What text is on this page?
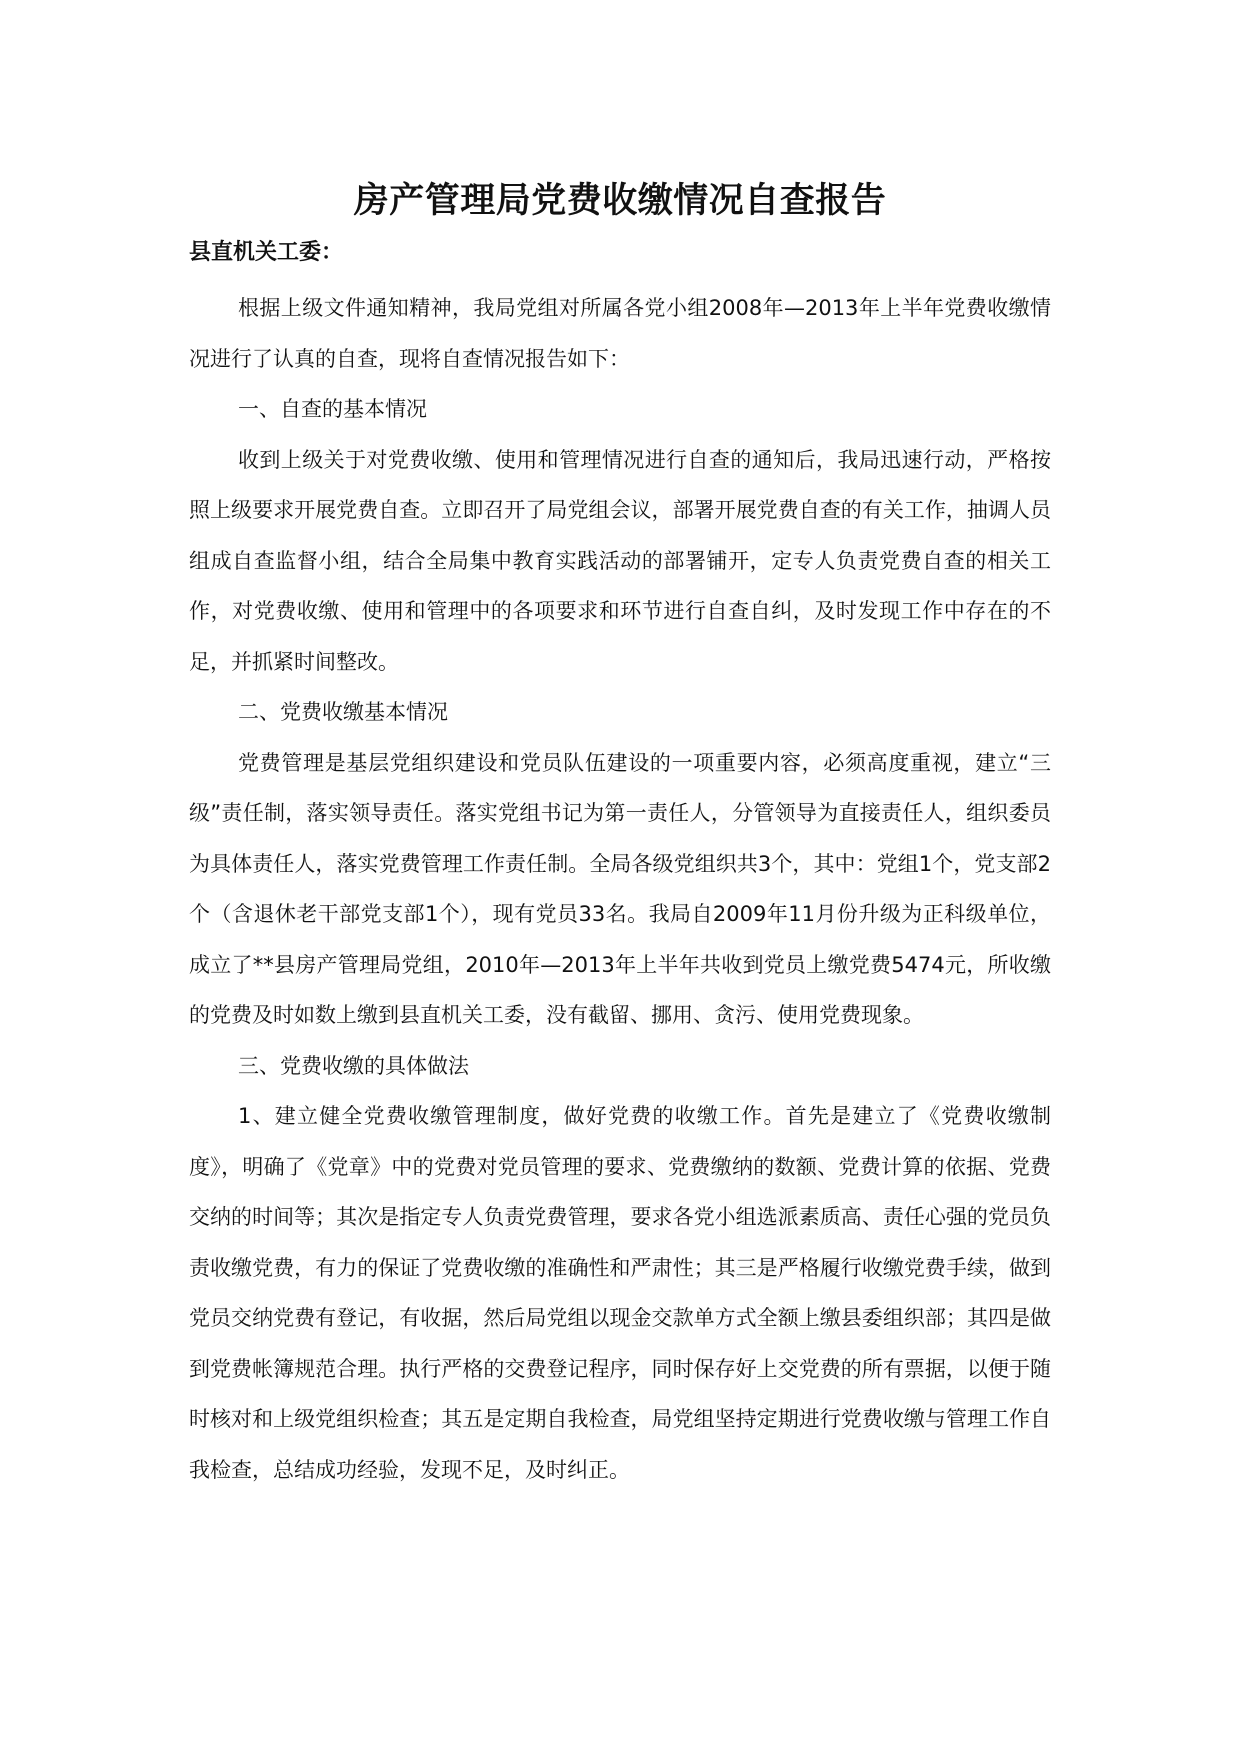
房产管理局党费收缴情况自查报告

县直机关工委：

根据上级文件通知精神，我局党组对所属各党小组2008年—2013年上半年党费收缴情况进行了认真的自查，现将自查情况报告如下：

一、自查的基本情况

收到上级关于对党费收缴、使用和管理情况进行自查的通知后，我局迅速行动，严格按照上级要求开展党费自查。立即召开了局党组会议，部署开展党费自查的有关工作，抽调人员组成自查监督小组，结合全局集中教育实践活动的部署铺开，定专人负责党费自查的相关工作，对党费收缴、使用和管理中的各项要求和环节进行自查自纠，及时发现工作中存在的不足，并抓紧时间整改。

二、党费收缴基本情况

党费管理是基层党组织建设和党员队伍建设的一项重要内容，必须高度重视，建立“三级”责任制，落实领导责任。落实党组书记为第一责任人，分管领导为直接责任人，组织委员为具体责任人，落实党费管理工作责任制。全局各级党组织共3个，其中：党组1个，党支部2个（含退休老干部党支部1个），现有党员33名。我局自2009年11月份升级为正科级单位，成立了**县房产管理局党组，2010年—2013年上半年共收到党员上缴党费5474元，所收缴的党费及时如数上缴到县直机关工委，没有截留、挪用、贪污、使用党费现象。

三、党费收缴的具体做法

1、建立健全党费收缴管理制度，做好党费的收缴工作。首先是建立了《党费收缴制度》，明确了《党章》中的党费对党员管理的要求、党费缴纳的数额、党费计算的依据、党费交纳的时间等；其次是指定专人负责党费管理，要求各党小组选派素质高、责任心强的党员负责收缴党费，有力的保证了党费收缴的准确性和严肃性；其三是严格履行收缴党费手续，做到党员交纳党费有登记，有收据，然后局党组以现金交款单方式全额上缴县委组织部；其四是做到党费帐簿规范合理。执行严格的交费登记程序，同时保存好上交党费的所有票据，以便于随时核对和上级党组织检查；其五是定期自我检查，局党组坚持定期进行党费收缴与管理工作自我检查，总结成功经验，发现不足，及时纠正。
